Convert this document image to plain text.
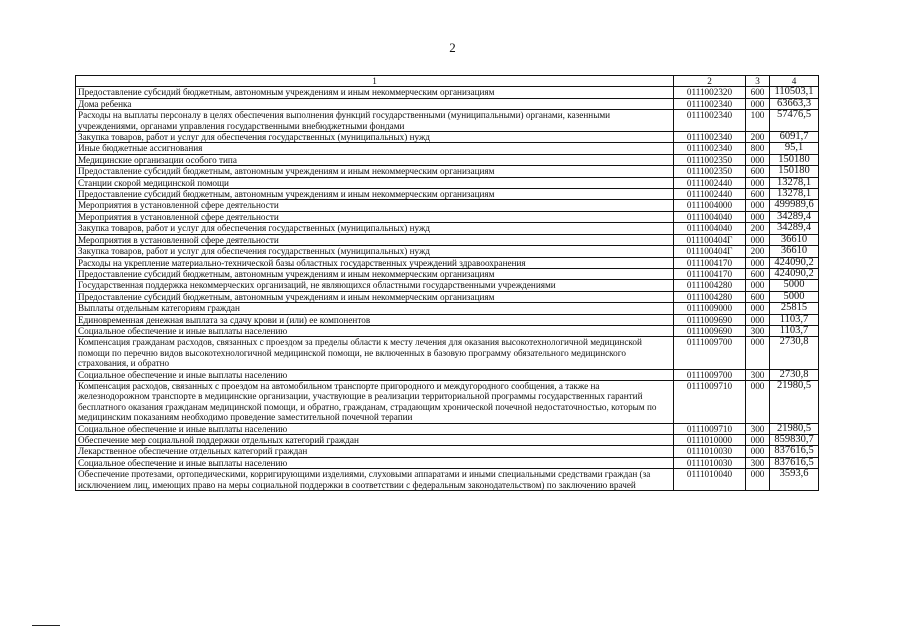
2
1	2	3	4
Предоставление субсидий бюджетным, автономным учреждениям и иным некоммерческим организациям	0111002320	600	110503,1
Дома ребенка	0111002340	000	63663,3
Расходы на выплаты персоналу в целях обеспечения выполнения функций государственными (муниципальными) органами, казенными учреждениями, органами управления государственными внебюджетными фондами	0111002340	100	57476,5
Закупка товаров, работ и услуг для обеспечения государственных (муниципальных) нужд	0111002340	200	6091,7
Иные бюджетные ассигнования	0111002340	800	95,1
Медицинские организации особого типа	0111002350	000	150180
Предоставление субсидий бюджетным, автономным учреждениям и иным некоммерческим организациям	0111002350	600	150180
Станции скорой медицинской помощи	0111002440	000	13278,1
Предоставление субсидий бюджетным, автономным учреждениям и иным некоммерческим организациям	0111002440	600	13278,1
Мероприятия в установленной сфере деятельности	0111004000	000	499989,6
Мероприятия в установленной сфере деятельности	0111004040	000	34289,4
Закупка товаров, работ и услуг для обеспечения государственных (муниципальных) нужд	0111004040	200	34289,4
Мероприятия в установленной сфере деятельности	011100404Г	000	36610
Закупка товаров, работ и услуг для обеспечения государственных (муниципальных) нужд	011100404Г	200	36610
Расходы на укрепление материально-технической базы областных государственных учреждений здравоохранения	0111004170	000	424090,2
Предоставление субсидий бюджетным, автономным учреждениям и иным некоммерческим организациям	0111004170	600	424090,2
Государственная поддержка некоммерческих организаций, не являющихся областными государственными учреждениями	0111004280	000	5000
Предоставление субсидий бюджетным, автономным учреждениям и иным некоммерческим организациям	0111004280	600	5000
Выплаты отдельным категориям граждан	0111009000	000	25815
Единовременная денежная выплата за сдачу крови и (или) ее компонентов	0111009690	000	1103,7
Социальное обеспечение и иные выплаты населению	0111009690	300	1103,7
Компенсация гражданам расходов, связанных с проездом за пределы области к месту лечения для оказания высокотехнологичной медицинской помощи по перечню видов высокотехнологичной медицинской помощи, не включенных в базовую программу обязательного медицинского страхования, и обратно	0111009700	000	2730,8
Социальное обеспечение и иные выплаты населению	0111009700	300	2730,8
Компенсация расходов, связанных с проездом на автомобильном транспорте пригородного и междугородного сообщения, а также на железнодорожном транспорте в медицинские организации, участвующие в реализации территориальной программы государственных гарантий бесплатного оказания гражданам медицинской помощи, и обратно, гражданам, страдающим хронической почечной недостаточностью, которым по медицинским показаниям необходимо проведение заместительной почечной терапии	0111009710	000	21980,5
Социальное обеспечение и иные выплаты населению	0111009710	300	21980,5
Обеспечение мер социальной поддержки отдельных категорий граждан	0111010000	000	859830,7
Лекарственное обеспечение отдельных категорий граждан	0111010030	000	837616,5
Социальное обеспечение и иные выплаты населению	0111010030	300	837616,5
Обеспечение протезами, ортопедическими, корригирующими изделиями, слуховыми аппаратами и иными специальными средствами граждан (за исключением лиц, имеющих право на меры социальной поддержки в соответствии с федеральным законодательством) по заключению врачей	0111010040	000	3593,6
